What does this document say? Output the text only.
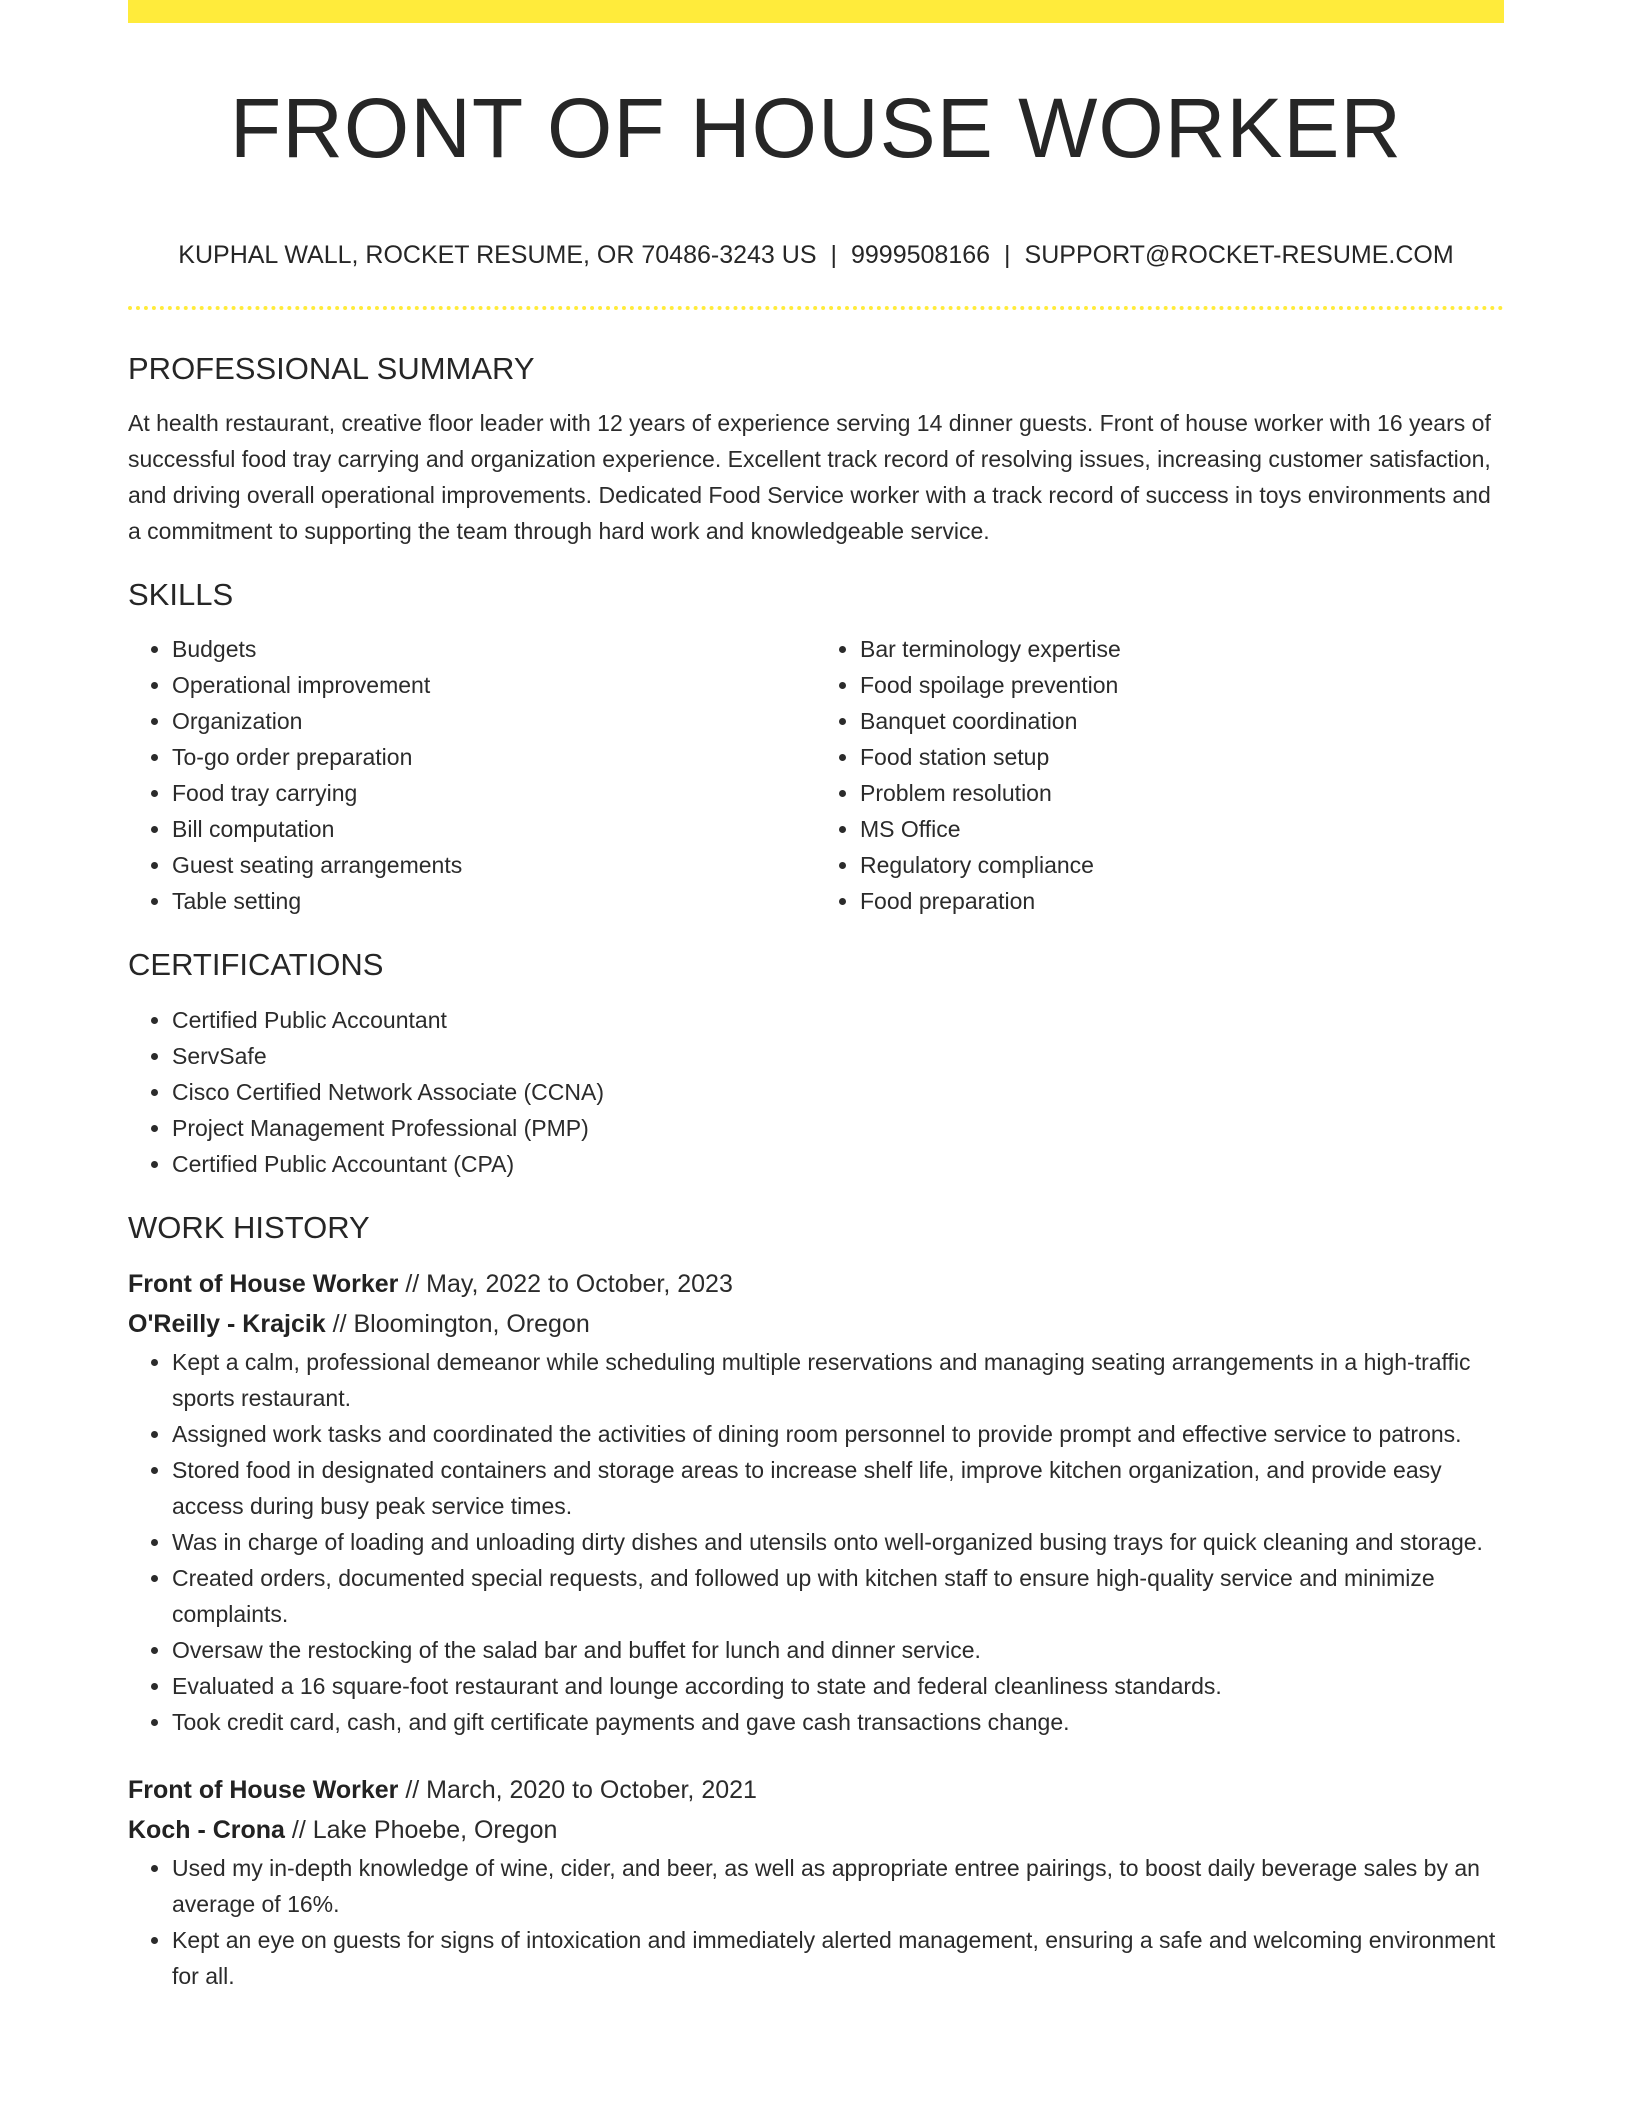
FRONT OF HOUSE WORKER
KUPHAL WALL, ROCKET RESUME, OR 70486-3243 US | 9999508166 | SUPPORT@ROCKET-RESUME.COM
PROFESSIONAL SUMMARY

At health restaurant, creative floor leader with 12 years of experience serving 14 dinner guests. Front of house worker with 16 years of successful food tray carrying and organization experience. Excellent track record of resolving issues, increasing customer satisfaction, and driving overall operational improvements. Dedicated Food Service worker with a track record of success in toys environments and a commitment to supporting the team through hard work and knowledgeable service.

SKILLS
• Budgets
• Operational improvement
• Organization
• To-go order preparation
• Food tray carrying
• Bill computation
• Guest seating arrangements
• Table setting
• Bar terminology expertise
• Food spoilage prevention
• Banquet coordination
• Food station setup
• Problem resolution
• MS Office
• Regulatory compliance
• Food preparation
CERTIFICATIONS
• Certified Public Accountant
• ServSafe
• Cisco Certified Network Associate (CCNA)
• Project Management Professional (PMP)
• Certified Public Accountant (CPA)
WORK HISTORY
Front of House Worker // May, 2022 to October, 2023
O'Reilly - Krajcik // Bloomington, Oregon
• Kept a calm, professional demeanor while scheduling multiple reservations and managing seating arrangements in a high-traffic sports restaurant.
• Assigned work tasks and coordinated the activities of dining room personnel to provide prompt and effective service to patrons.
• Stored food in designated containers and storage areas to increase shelf life, improve kitchen organization, and provide easy access during busy peak service times.
• Was in charge of loading and unloading dirty dishes and utensils onto well-organized busing trays for quick cleaning and storage.
• Created orders, documented special requests, and followed up with kitchen staff to ensure high-quality service and minimize complaints.
• Oversaw the restocking of the salad bar and buffet for lunch and dinner service.
• Evaluated a 16 square-foot restaurant and lounge according to state and federal cleanliness standards.
• Took credit card, cash, and gift certificate payments and gave cash transactions change.
Front of House Worker // March, 2020 to October, 2021
Koch - Crona // Lake Phoebe, Oregon
• Used my in-depth knowledge of wine, cider, and beer, as well as appropriate entree pairings, to boost daily beverage sales by an average of 16%.
• Kept an eye on guests for signs of intoxication and immediately alerted management, ensuring a safe and welcoming environment for all.
